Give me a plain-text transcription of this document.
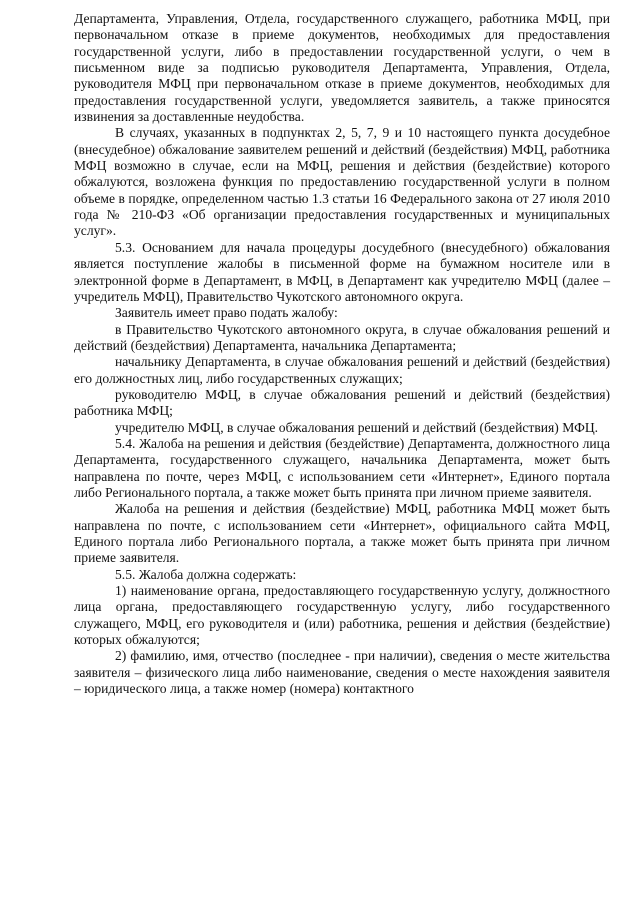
Департамента, Управления, Отдела, государственного служащего, работника МФЦ, при первоначальном отказе в приеме документов, необходимых для предоставления государственной услуги, либо в предоставлении государственной услуги, о чем в письменном виде за подписью руководителя Департамента, Управления, Отдела, руководителя МФЦ при первоначальном отказе в приеме документов, необходимых для предоставления государственной услуги, уведомляется заявитель, а также приносятся извинения за доставленные неудобства.

В случаях, указанных в подпунктах 2, 5, 7, 9 и 10 настоящего пункта досудебное (внесудебное) обжалование заявителем решений и действий (бездействия) МФЦ, работника МФЦ возможно в случае, если на МФЦ, решения и действия (бездействие) которого обжалуются, возложена функция по предоставлению государственной услуги в полном объеме в порядке, определенном частью 1.3 статьи 16 Федерального закона от 27 июля 2010 года № 210-ФЗ «Об организации предоставления государственных и муниципальных услуг».

5.3. Основанием для начала процедуры досудебного (внесудебного) обжалования является поступление жалобы в письменной форме на бумажном носителе или в электронной форме в Департамент, в МФЦ, в Департамент как учредителю МФЦ (далее – учредитель МФЦ), Правительство Чукотского автономного округа.

Заявитель имеет право подать жалобу:

в Правительство Чукотского автономного округа, в случае обжалования решений и действий (бездействия) Департамента, начальника Департамента;

начальнику Департамента, в случае обжалования решений и действий (бездействия) его должностных лиц, либо государственных служащих;

руководителю МФЦ, в случае обжалования решений и действий (бездействия) работника МФЦ;

учредителю МФЦ, в случае обжалования решений и действий (бездействия) МФЦ.

5.4. Жалоба на решения и действия (бездействие) Департамента, должностного лица Департамента, государственного служащего, начальника Департамента, может быть направлена по почте, через МФЦ, с использованием сети «Интернет», Единого портала либо Регионального портала, а также может быть принята при личном приеме заявителя.

Жалоба на решения и действия (бездействие) МФЦ, работника МФЦ может быть направлена по почте, с использованием сети «Интернет», официального сайта МФЦ, Единого портала либо Регионального портала, а также может быть принята при личном приеме заявителя.

5.5. Жалоба должна содержать:

1) наименование органа, предоставляющего государственную услугу, должностного лица органа, предоставляющего государственную услугу, либо государственного служащего, МФЦ, его руководителя и (или) работника, решения и действия (бездействие) которых обжалуются;

2) фамилию, имя, отчество (последнее - при наличии), сведения о месте жительства заявителя – физического лица либо наименование, сведения о месте нахождения заявителя – юридического лица, а также номер (номера) контактного
